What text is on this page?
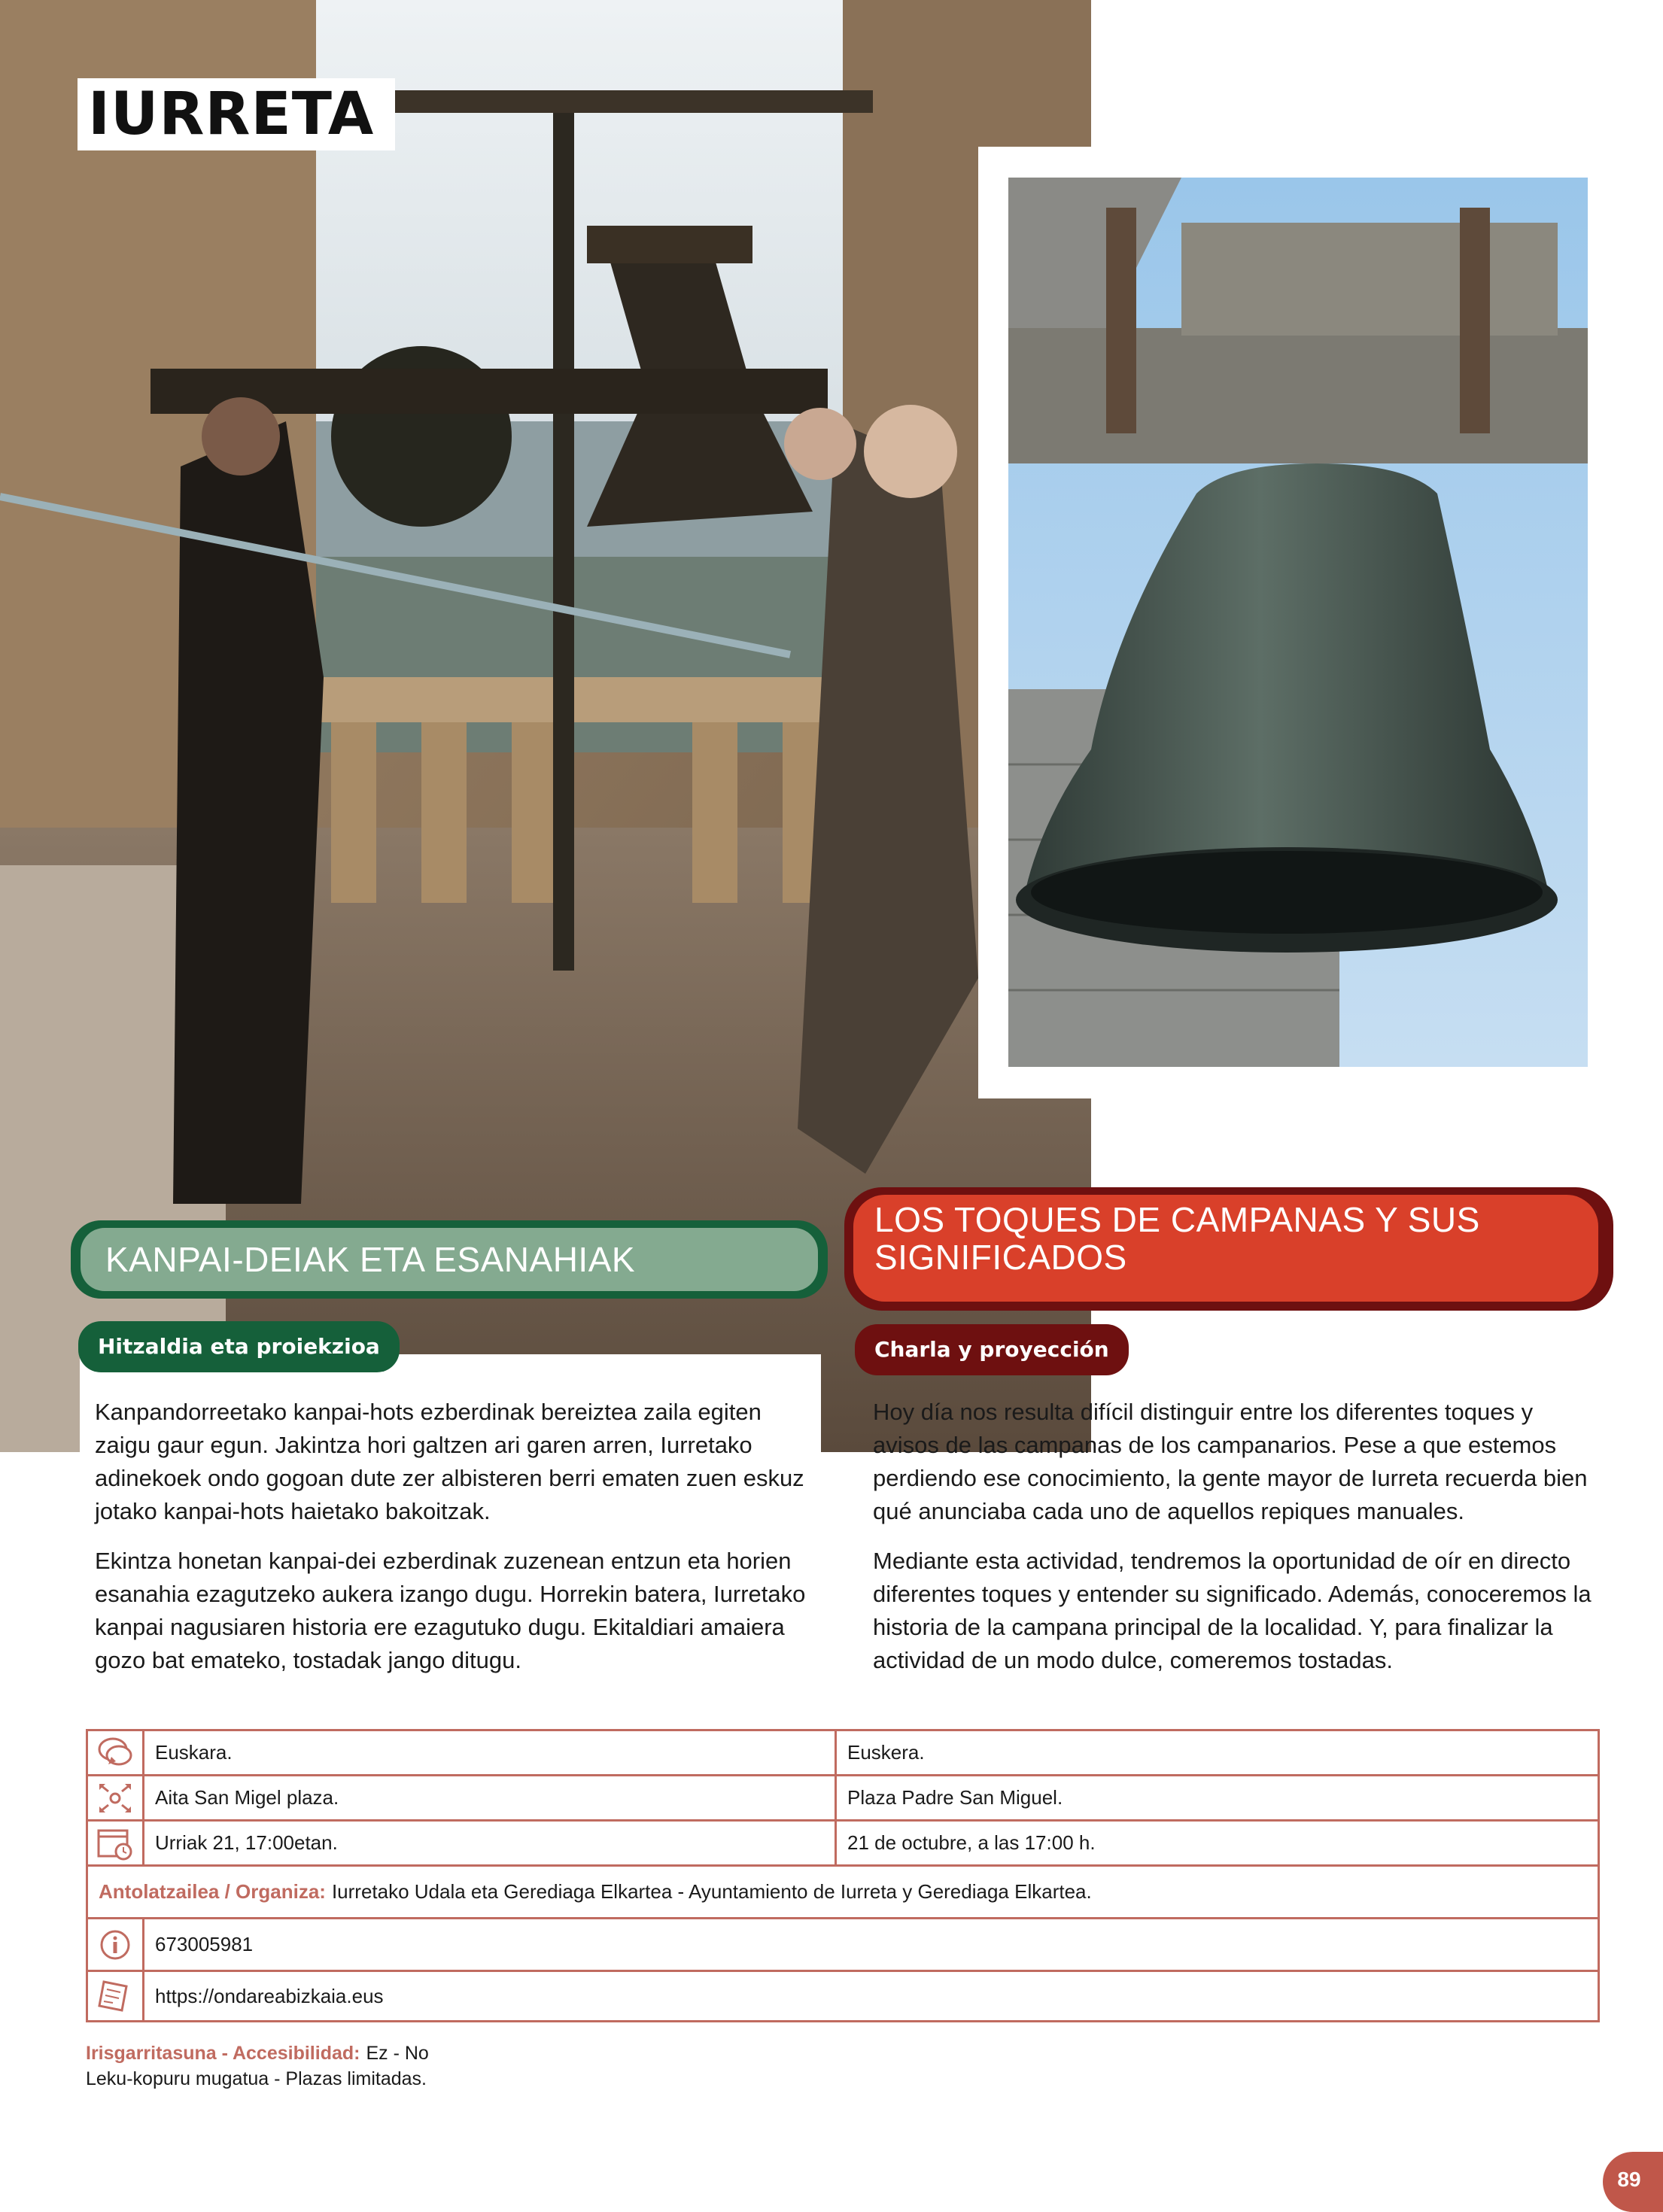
IURRETA
KANPAI-DEIAK ETA ESANAHIAK
Hitzaldia eta proiekzioa
LOS TOQUES DE CAMPANAS Y SUS SIGNIFICADOS
Charla y proyección

Kanpandorreetako kanpai-hots ezberdinak bereiztea zaila egiten zaigu gaur egun. Jakintza hori galtzen ari garen arren, Iurretako adinekoek ondo gogoan dute zer albisteren berri ematen zuen eskuz jotako kanpai-hots haietako bakoitzak.

Ekintza honetan kanpai-dei ezberdinak zuzenean entzun eta horien esanahia ezagutzeko aukera izango dugu. Horrekin batera, Iurretako kanpai nagusiaren historia ere ezagutuko dugu. Ekitaldiari amaiera gozo bat emateko, tostadak jango ditugu.

Hoy día nos resulta difícil distinguir entre los diferentes toques y avisos de las campanas de los campanarios. Pese a que estemos perdiendo ese conocimiento, la gente mayor de Iurreta recuerda bien qué anunciaba cada uno de aquellos repiques manuales.

Mediante esta actividad, tendremos la oportunidad de oír en directo diferentes toques y entender su significado. Además, conoceremos la historia de la campana principal de la localidad. Y, para finalizar la actividad de un modo dulce, comeremos tostadas.

Euskara.	Euskera.
Aita San Migel plaza.	Plaza Padre San Miguel.
Urriak 21, 17:00etan.	21 de octubre, a las 17:00 h.
Antolatzailea / Organiza: Iurretako Udala eta Gerediaga Elkartea - Ayuntamiento de Iurreta y Gerediaga Elkartea.
673005981
https://ondareabizkaia.eus
Irisgarritasuna - Accesibilidad: Ez - No
Leku-kopuru mugatua - Plazas limitadas.
89
